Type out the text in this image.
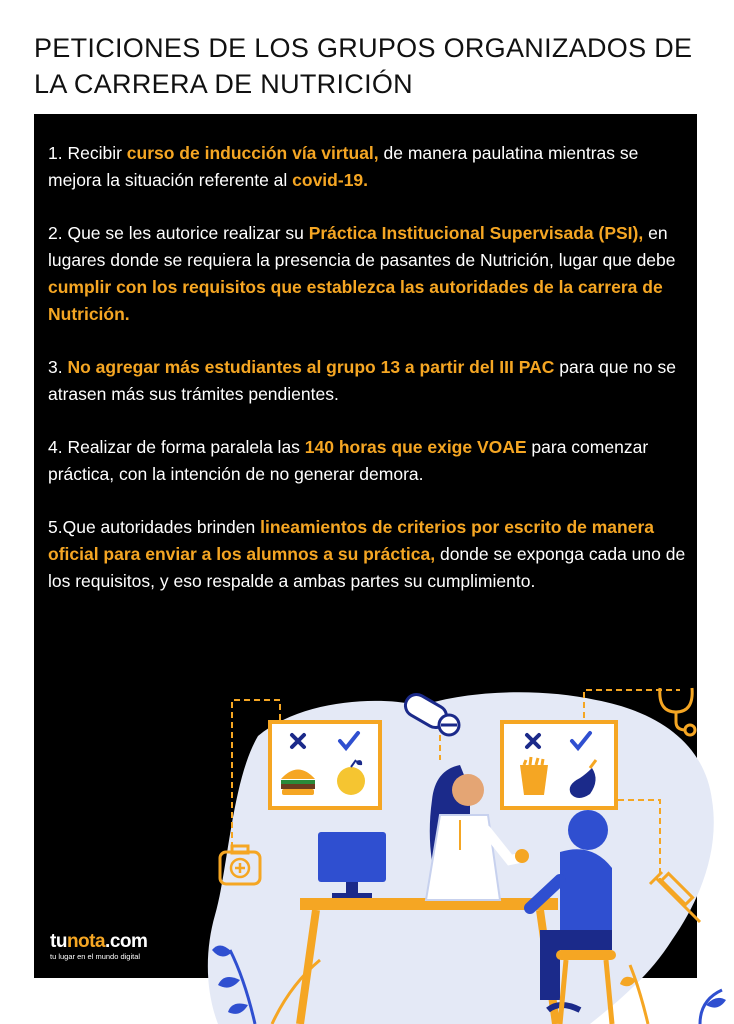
PETICIONES DE LOS GRUPOS ORGANIZADOS DE LA CARRERA DE NUTRICIÓN

1. Recibir curso de inducción vía virtual, de manera paulatina mientras se mejora la situación referente al covid-19.

2. Que se les autorice realizar su Práctica Institucional Supervisada (PSI), en lugares donde se requiera la presencia de pasantes de Nutrición, lugar que debe cumplir con los requisitos que establezca las autoridades de la carrera de Nutrición.

3. No agregar más estudiantes al grupo 13 a partir del III PAC para que no se atrasen más sus trámites pendientes.

4. Realizar de forma paralela las 140 horas que exige VOAE para comenzar práctica, con la intención de no generar demora.

5.Que autoridades brinden lineamientos de criterios por escrito de manera oficial para enviar a los alumnos a su práctica, donde se exponga cada uno de los requisitos, y eso respalde a ambas partes su cumplimiento.

tunota.com
tu lugar en el mundo digital
